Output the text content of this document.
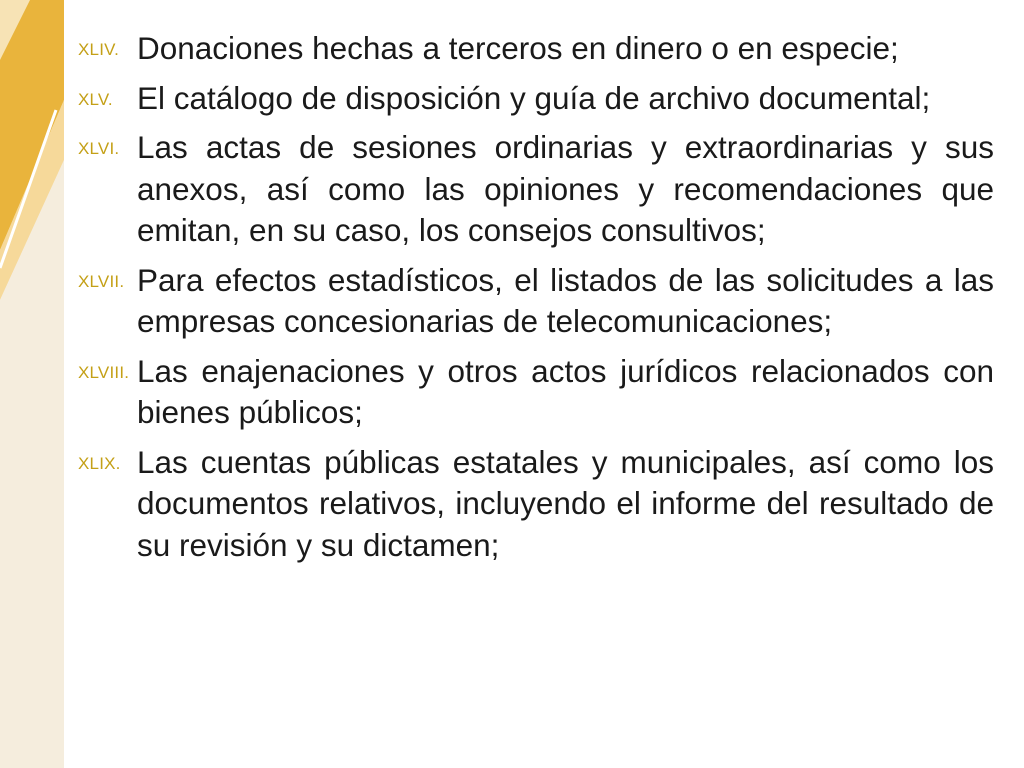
XLIV. Donaciones hechas a terceros en dinero o en especie;
XLV. El catálogo de disposición y guía de archivo documental;
XLVI. Las actas de sesiones ordinarias y extraordinarias y sus anexos, así como las opiniones y recomendaciones que emitan, en su caso, los consejos consultivos;
XLVII. Para efectos estadísticos, el listados de las solicitudes a las empresas concesionarias de telecomunicaciones;
XLVIII. Las enajenaciones y otros actos jurídicos relacionados con bienes públicos;
XLIX. Las cuentas públicas estatales y municipales, así como los documentos relativos, incluyendo el informe del resultado de su revisión y su dictamen;
